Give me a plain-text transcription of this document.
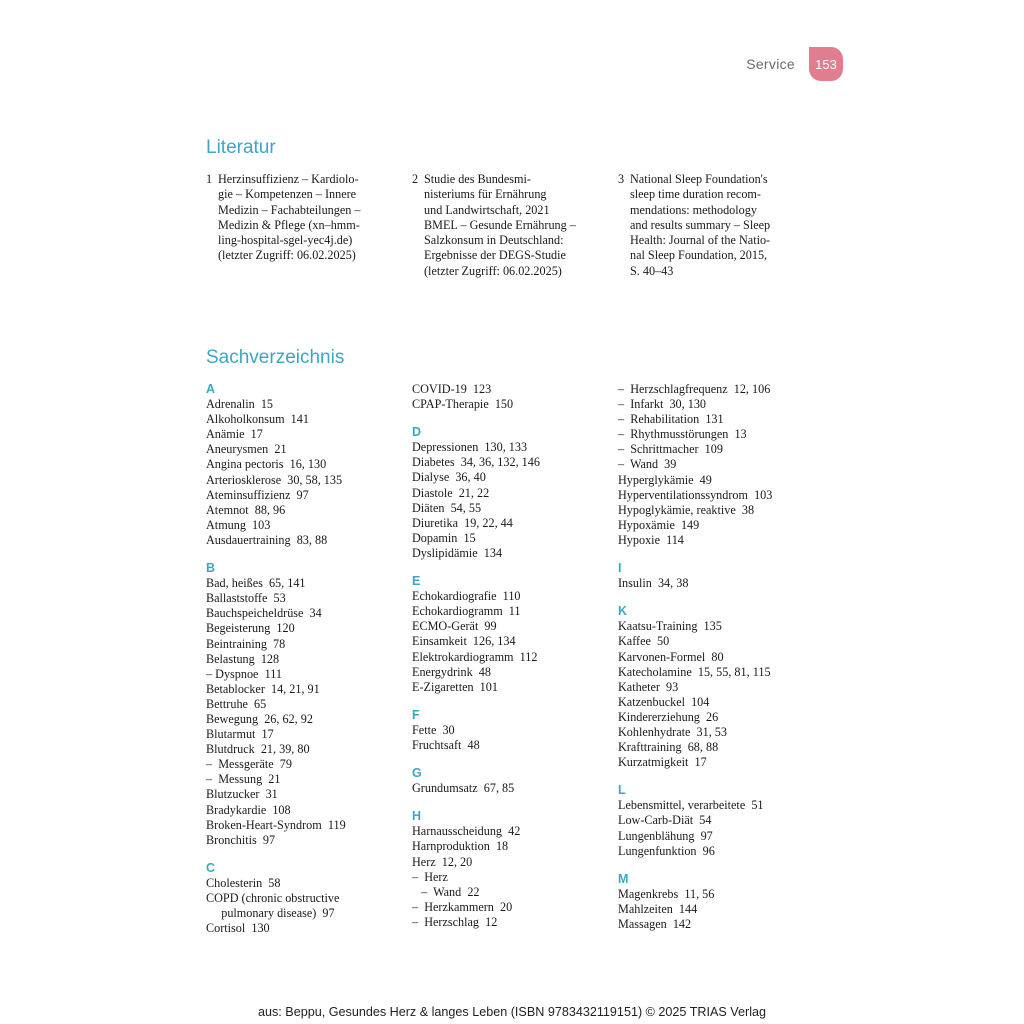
Service	153
Literatur
1 Herzinsuffizienz – Kardiolo-
gie – Kompetenzen – Innere
Medizin – Fachabteilungen –
Medizin & Pflege (xn–hmm-
ling-hospital-sgel-yec4j.de)
(letzter Zugriff: 06.02.2025)
2 Studie des Bundesmi-
nisteriums für Ernährung
und Landwirtschaft, 2021
BMEL – Gesunde Ernährung –
Salzkonsum in Deutschland:
Ergebnisse der DEGS-Studie
(letzter Zugriff: 06.02.2025)
3 National Sleep Foundation's
sleep time duration recom-
mendations: methodology
and results summary – Sleep
Health: Journal of the Natio-
nal Sleep Foundation, 2015,
S. 40–43
Sachverzeichnis
A
Adrenalin  15
Alkoholkonsum  141
Anämie  17
Aneurysmen  21
Angina pectoris  16, 130
Arteriosklerose  30, 58, 135
Ateminsuffizienz  97
Atemnot  88, 96
Atmung  103
Ausdauertraining  83, 88
B
Bad, heißes  65, 141
Ballaststoffe  53
Bauchspeicheldrüse  34
Begeisterung  120
Beintraining  78
Belastung  128
– Dyspnoe  111
Betablocker  14, 21, 91
Bettruhe  65
Bewegung  26, 62, 92
Blutarmut  17
Blutdruck  21, 39, 80
–  Messgeräte  79
–  Messung  21
Blutzucker  31
Bradykardie  108
Broken-Heart-Syndrom  119
Bronchitis  97
C
Cholesterin  58
COPD (chronic obstructive
pulmonary disease)  97
Cortisol  130
COVID-19  123
CPAP-Therapie  150
D
Depressionen  130, 133
Diabetes  34, 36, 132, 146
Dialyse  36, 40
Diastole  21, 22
Diäten  54, 55
Diuretika  19, 22, 44
Dopamin  15
Dyslipidämie  134
E
Echokardiografie  110
Echokardiogramm  11
ECMO-Gerät  99
Einsamkeit  126, 134
Elektrokardiogramm  112
Energydrink  48
E-Zigaretten  101
F
Fette  30
Fruchtsaft  48
G
Grundumsatz  67, 85
H
Harnausscheidung  42
Harnproduktion  18
Herz  12, 20
–  Herz
–  Wand  22
–  Herzkammern  20
–  Herzschlag  12
–  Herzschlagfrequenz  12, 106
–  Infarkt  30, 130
–  Rehabilitation  131
–  Rhythmusstörungen  13
–  Schrittmacher  109
–  Wand  39
Hyperglykämie  49
Hyperventilationssyndrom  103
Hypoglykämie, reaktive  38
Hypoxämie  149
Hypoxie  114
I
Insulin  34, 38
K
Kaatsu-Training  135
Kaffee  50
Karvonen-Formel  80
Katecholamine  15, 55, 81, 115
Katheter  93
Katzenbuckel  104
Kindererziehung  26
Kohlenhydrate  31, 53
Krafttraining  68, 88
Kurzatmigkeit  17
L
Lebensmittel, verarbeitete  51
Low-Carb-Diät  54
Lungenblähung  97
Lungenfunktion  96
M
Magenkrebs  11, 56
Mahlzeiten  144
Massagen  142
aus: Beppu, Gesundes Herz & langes Leben (ISBN 9783432119151) © 2025 TRIAS Verlag
